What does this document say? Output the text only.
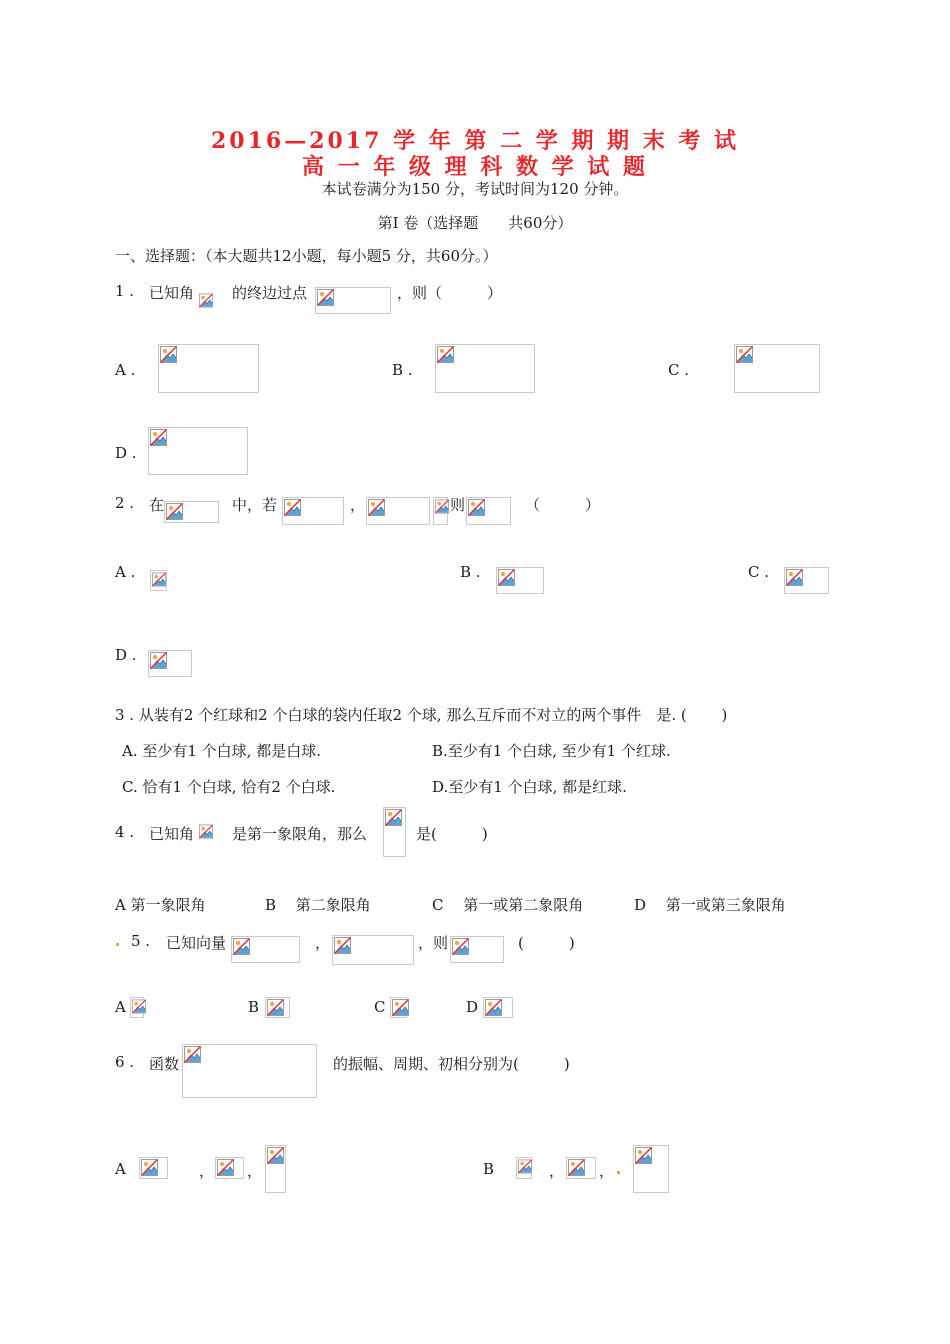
2016—2017 学 年 第 二 学 期 期 末 考 试
高 一 年 级 理 科 数 学 试 题
本试卷满分为150 分，考试时间为120 分钟。
第I 卷（选择题　　共60分）
一、选择题：（本大题共12小题，每小题5 分，共60分。）
1 . 已知角	的终边过点	，则（　　　）
A .	B .	C .
D .
2 . 在	中，若	，	则	（　　　）
A .	B .	C .
D .
3 . 从装有2 个红球和2 个白球的袋内任取2 个球, 那么互斥而不对立的两个事件　是. (　　 )
A. 至少有1 个白球, 都是白球.	B.至少有1 个白球, 至少有1 个红球.
C. 恰有1 个白球, 恰有2 个白球.	D.至少有1 个白球, 都是红球.
4 . 已知角	是第一象限角，那么	是(　　　)
A 第一象限角	B　 第二象限角	C　 第一或第二象限角	D　 第一或第三象限角
5 . 已知向量	，	，则	(　　　)
A	B	C	D
6 . 函数	的振幅、周期、初相分别为(　　　)
A	， ，	B	， ，
